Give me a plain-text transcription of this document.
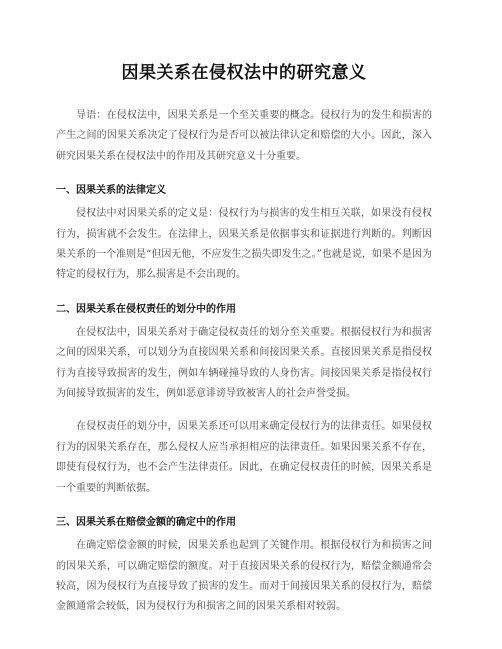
因果关系在侵权法中的研究意义

导语：在侵权法中，因果关系是一个至关重要的概念。侵权行为的发生和损害的产生之间的因果关系决定了侵权行为是否可以被法律认定和赔偿的大小。因此，深入研究因果关系在侵权法中的作用及其研究意义十分重要。

一、因果关系的法律定义

侵权法中对因果关系的定义是：侵权行为与损害的发生相互关联，如果没有侵权行为，损害就不会发生。在法律上，因果关系是依据事实和证据进行判断的。判断因果关系的一个准则是“但因无他，不应发生之损失即发生之。”也就是说，如果不是因为特定的侵权行为，那么损害是不会出现的。

二、因果关系在侵权责任的划分中的作用

在侵权法中，因果关系对于确定侵权责任的划分至关重要。根据侵权行为和损害之间的因果关系，可以划分为直接因果关系和间接因果关系。直接因果关系是指侵权行为直接导致损害的发生，例如车辆碰撞导致的人身伤害。间接因果关系是指侵权行为间接导致损害的发生，例如恶意诽谤导致被害人的社会声誉受损。

在侵权责任的划分中，因果关系还可以用来确定侵权行为的法律责任。如果侵权行为的因果关系存在，那么侵权人应当承担相应的法律责任。如果因果关系不存在，即使有侵权行为，也不会产生法律责任。因此，在确定侵权责任的时候，因果关系是一个重要的判断依据。

三、因果关系在赔偿金额的确定中的作用

在确定赔偿金额的时候，因果关系也起到了关键作用。根据侵权行为和损害之间的因果关系，可以确定赔偿的额度。对于直接因果关系的侵权行为，赔偿金额通常会较高，因为侵权行为直接导致了损害的发生。而对于间接因果关系的侵权行为，赔偿金额通常会较低，因为侵权行为和损害之间的因果关系相对较弱。
